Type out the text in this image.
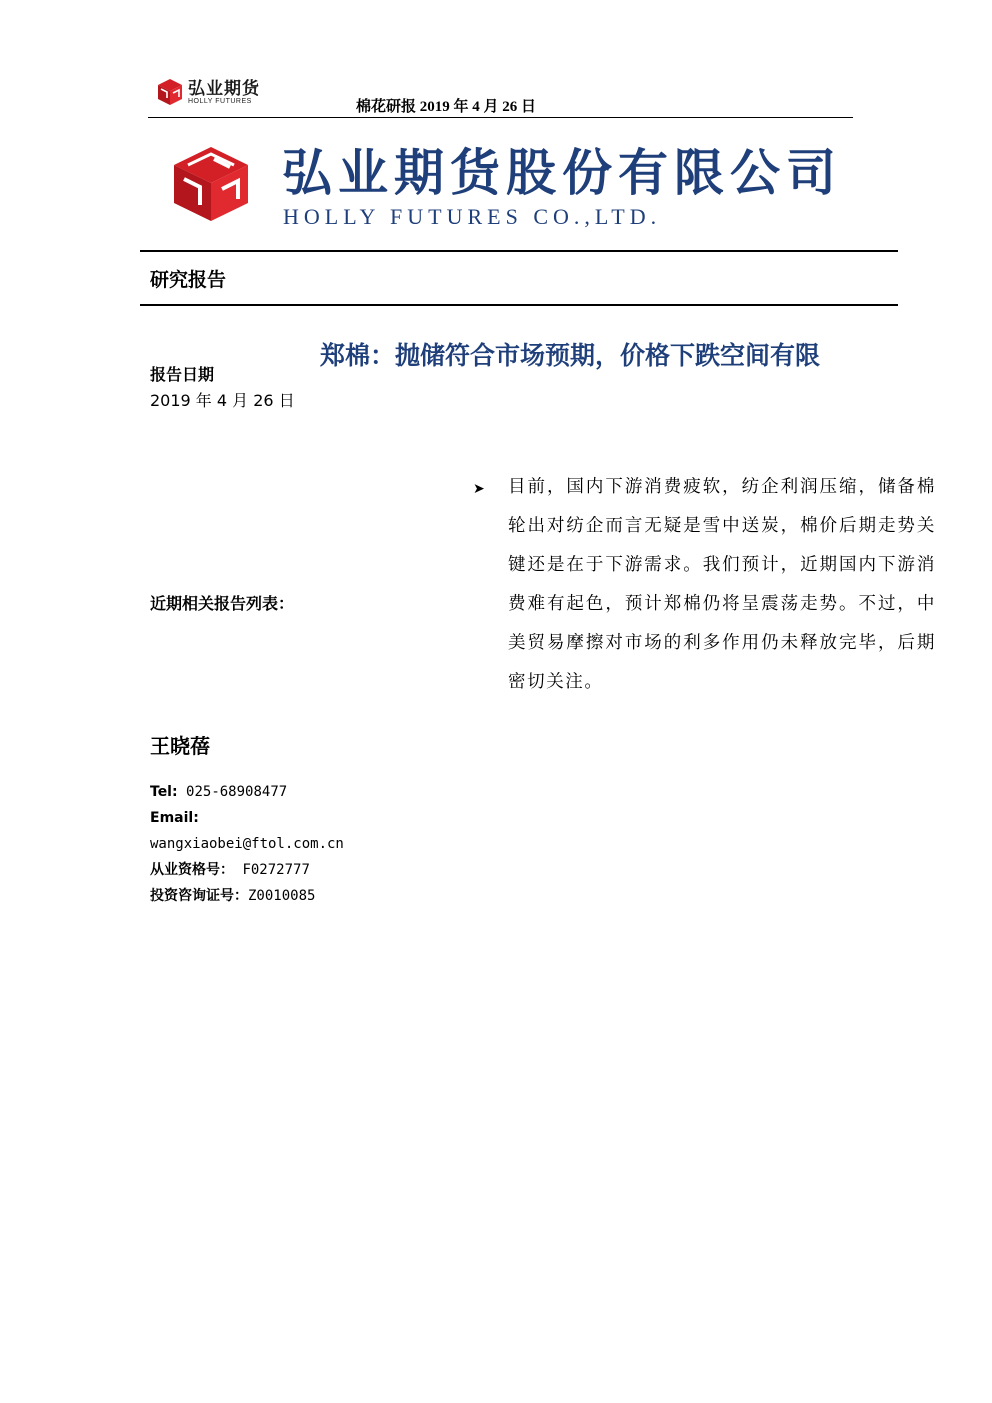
弘业期货
HOLLY FUTURES	棉花研报 2019 年 4 月 26 日
弘业期货股份有限公司
HOLLY FUTURES CO.,LTD.
研究报告
郑棉：抛储符合市场预期，价格下跌空间有限
报告日期
2019 年 4 月 26 日
近期相关报告列表：
➤ 目前，国内下游消费疲软，纺企利润压缩，储备棉轮出对纺企而言无疑是雪中送炭，棉价后期走势关键还是在于下游需求。我们预计，近期国内下游消费难有起色，预计郑棉仍将呈震荡走势。不过，中美贸易摩擦对市场的利多作用仍未释放完毕，后期密切关注。
王晓蓓
Tel: 025-68908477
Email:
wangxiaobei@ftol.com.cn
从业资格号： F0272777
投资咨询证号：Z0010085
